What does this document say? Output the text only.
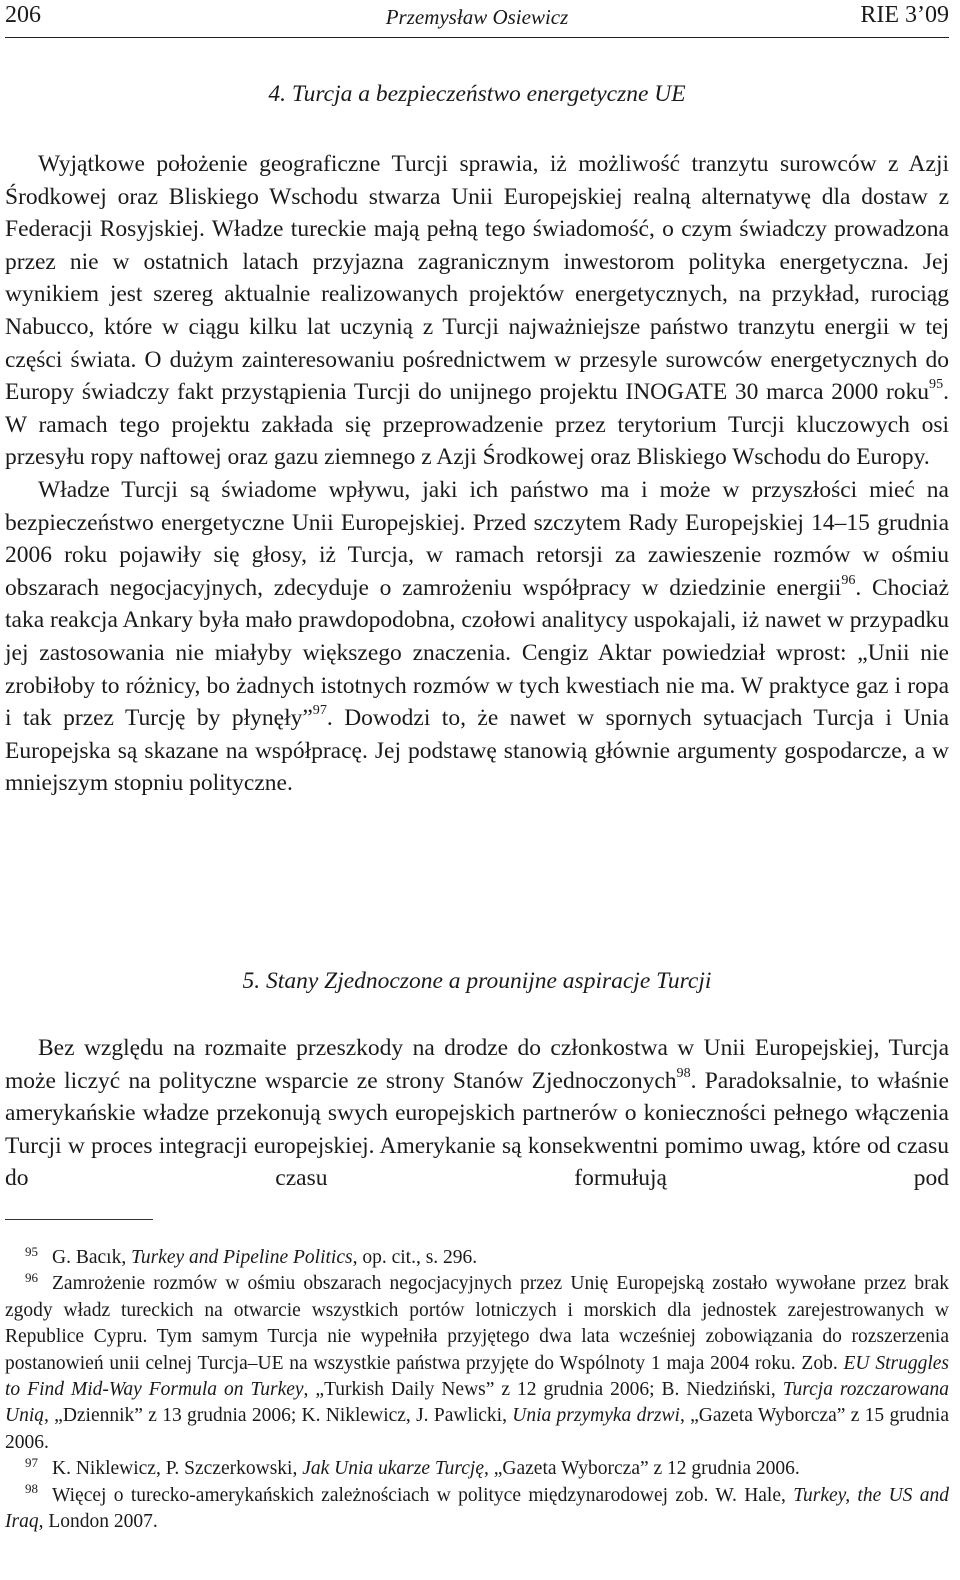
206	Przemysław Osiewicz	RIE 3’09
4. Turcja a bezpieczeństwo energetyczne UE

Wyjątkowe położenie geograficzne Turcji sprawia, iż możliwość tranzytu surowców z Azji Środkowej oraz Bliskiego Wschodu stwarza Unii Europejskiej realną alternatywę dla dostaw z Federacji Rosyjskiej. Władze tureckie mają pełną tego świadomość, o czym świadczy prowadzona przez nie w ostatnich latach przyjazna zagranicznym inwestorom polityka energetyczna. Jej wynikiem jest szereg aktualnie realizowanych projektów energetycznych, na przykład, rurociąg Nabucco, które w ciągu kilku lat uczynią z Turcji najważniejsze państwo tranzytu energii w tej części świata. O dużym zainteresowaniu pośrednictwem w przesyle surowców energetycznych do Europy świadczy fakt przystąpienia Turcji do unijnego projektu INOGATE 30 marca 2000 roku$^{95}$. W ramach tego projektu zakłada się przeprowadzenie przez terytorium Turcji kluczowych osi przesyłu ropy naftowej oraz gazu ziemnego z Azji Środkowej oraz Bliskiego Wschodu do Europy.

Władze Turcji są świadome wpływu, jaki ich państwo ma i może w przyszłości mieć na bezpieczeństwo energetyczne Unii Europejskiej. Przed szczytem Rady Europejskiej 14–15 grudnia 2006 roku pojawiły się głosy, iż Turcja, w ramach retorsji za zawieszenie rozmów w ośmiu obszarach negocjacyjnych, zdecyduje o zamrożeniu współpracy w dziedzinie energii$^{96}$. Chociaż taka reakcja Ankary była mało prawdopodobna, czołowi analitycy uspokajali, iż nawet w przypadku jej zastosowania nie miałyby większego znaczenia. Cengiz Aktar powiedział wprost: „Unii nie zrobiłoby to różnicy, bo żadnych istotnych rozmów w tych kwestiach nie ma. W praktyce gaz i ropa i tak przez Turcję by płynęły”$^{97}$. Dowodzi to, że nawet w spornych sytuacjach Turcja i Unia Europejska są skazane na współpracę. Jej podstawę stanowią głównie argumenty gospodarcze, a w mniejszym stopniu polityczne.

5. Stany Zjednoczone a prounijne aspiracje Turcji

Bez względu na rozmaite przeszkody na drodze do członkostwa w Unii Europejskiej, Turcja może liczyć na polityczne wsparcie ze strony Stanów Zjednoczonych$^{98}$. Paradoksalnie, to właśnie amerykańskie władze przekonują swych europejskich partnerów o konieczności pełnego włączenia Turcji w proces integracji europejskiej. Amerykanie są konsekwentni pomimo uwag, które od czasu do czasu formułują pod

$^{95}$ G. Bacık, Turkey and Pipeline Politics, op. cit., s. 296.

$^{96}$ Zamrożenie rozmów w ośmiu obszarach negocjacyjnych przez Unię Europejską zostało wywołane przez brak zgody władz tureckich na otwarcie wszystkich portów lotniczych i morskich dla jednostek zarejestrowanych w Republice Cypru. Tym samym Turcja nie wypełniła przyjętego dwa lata wcześniej zobowiązania do rozszerzenia postanowień unii celnej Turcja–UE na wszystkie państwa przyjęte do Wspólnoty 1 maja 2004 roku. Zob. EU Struggles to Find Mid-Way Formula on Turkey, „Turkish Daily News” z 12 grudnia 2006; B. Niedziński, Turcja rozczarowana Unią, „Dziennik” z 13 grudnia 2006; K. Niklewicz, J. Pawlicki, Unia przymyka drzwi, „Gazeta Wyborcza” z 15 grudnia 2006.

$^{97}$ K. Niklewicz, P. Szczerkowski, Jak Unia ukarze Turcję, „Gazeta Wyborcza” z 12 grudnia 2006.

$^{98}$ Więcej o turecko-amerykańskich zależnościach w polityce międzynarodowej zob. W. Hale, Turkey, the US and Iraq, London 2007.
